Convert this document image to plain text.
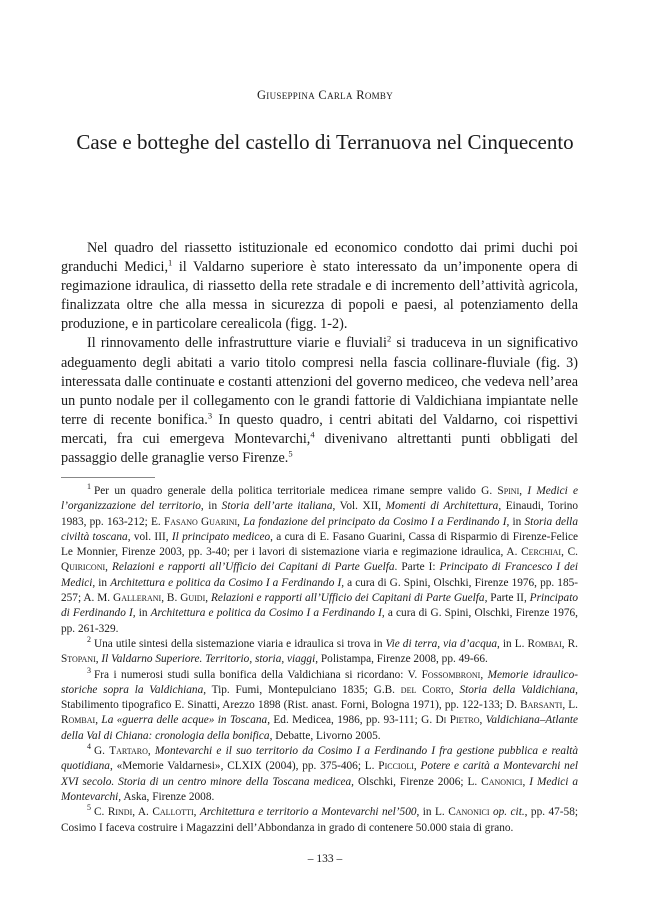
Giuseppina Carla Romby
Case e botteghe del castello di Terranuova nel Cinquecento

Nel quadro del riassetto istituzionale ed economico condotto dai primi duchi poi granduchi Medici,$^1$ il Valdarno superiore è stato interessato da un’imponente opera di regimazione idraulica, di riassetto della rete stradale e di incremento dell’attività agricola, finalizzata oltre che alla messa in sicurezza di popoli e paesi, al potenziamento della produzione, e in particolare cerealicola (figg. 1-2).

Il rinnovamento delle infrastrutture viarie e fluviali$^2$ si traduceva in un significativo adeguamento degli abitati a vario titolo compresi nella fascia collinare-fluviale (fig. 3) interessata dalle continuate e costanti attenzioni del governo mediceo, che vedeva nell’area un punto nodale per il collegamento con le grandi fattorie di Valdichiana impiantate nelle terre di recente bonifica.$^3$ In questo quadro, i centri abitati del Valdarno, coi rispettivi mercati, fra cui emergeva Montevarchi,$^4$ divenivano altrettanti punti obbligati del passaggio delle granaglie verso Firenze.$^5$

$^1$ Per un quadro generale della politica territoriale medicea rimane sempre valido G. Spini, I Medici e l’organizzazione del territorio, in Storia dell’arte italiana, Vol. XII, Momenti di Architettura, Einaudi, Torino 1983, pp. 163-212; E. Fasano Guarini, La fondazione del principato da Cosimo I a Ferdinando I, in Storia della civiltà toscana, vol. III, Il principato mediceo, a cura di E. Fasano Guarini, Cassa di Risparmio di Firenze-Felice Le Monnier, Firenze 2003, pp. 3-40; per i lavori di sistemazione viaria e regimazione idraulica, A. Cerchiai, C. Quiriconi, Relazioni e rapporti all’Ufficio dei Capitani di Parte Guelfa. Parte I: Principato di Francesco I dei Medici, in Architettura e politica da Cosimo I a Ferdinando I, a cura di G. Spini, Olschki, Firenze 1976, pp. 185-257; A. M. Gallerani, B. Guidi, Relazioni e rapporti all’Ufficio dei Capitani di Parte Guelfa, Parte II, Principato di Ferdinando I, in Architettura e politica da Cosimo I a Ferdinando I, a cura di G. Spini, Olschki, Firenze 1976, pp. 261-329.

$^2$ Una utile sintesi della sistemazione viaria e idraulica si trova in Vie di terra, via d’acqua, in L. Rombai, R. Stopani, Il Valdarno Superiore. Territorio, storia, viaggi, Polistampa, Firenze 2008, pp. 49-66.

$^3$ Fra i numerosi studi sulla bonifica della Valdichiana si ricordano: V. Fossombroni, Memorie idraulico-storiche sopra la Valdichiana, Tip. Fumi, Montepulciano 1835; G.B. del Corto, Storia della Valdichiana, Stabilimento tipografico E. Sinatti, Arezzo 1898 (Rist. anast. Forni, Bologna 1971), pp. 122-133; D. Barsanti, L. Rombai, La «guerra delle acque» in Toscana, Ed. Medicea, 1986, pp. 93-111; G. Di Pietro, Valdichiana–Atlante della Val di Chiana: cronologia della bonifica, Debatte, Livorno 2005.

$^4$ G. Tartaro, Montevarchi e il suo territorio da Cosimo I a Ferdinando I fra gestione pubblica e realtà quotidiana, «Memorie Valdarnesi», CLXIX (2004), pp. 375-406; L. Piccioli, Potere e carità a Montevarchi nel XVI secolo. Storia di un centro minore della Toscana medicea, Olschki, Firenze 2006; L. Canonici, I Medici a Montevarchi, Aska, Firenze 2008.

$^5$ C. Rindi, A. Callotti, Architettura e territorio a Montevarchi nel’500, in L. Canonici op. cit., pp. 47-58; Cosimo I faceva costruire i Magazzini dell’Abbondanza in grado di contenere 50.000 staia di grano.

– 133 –
